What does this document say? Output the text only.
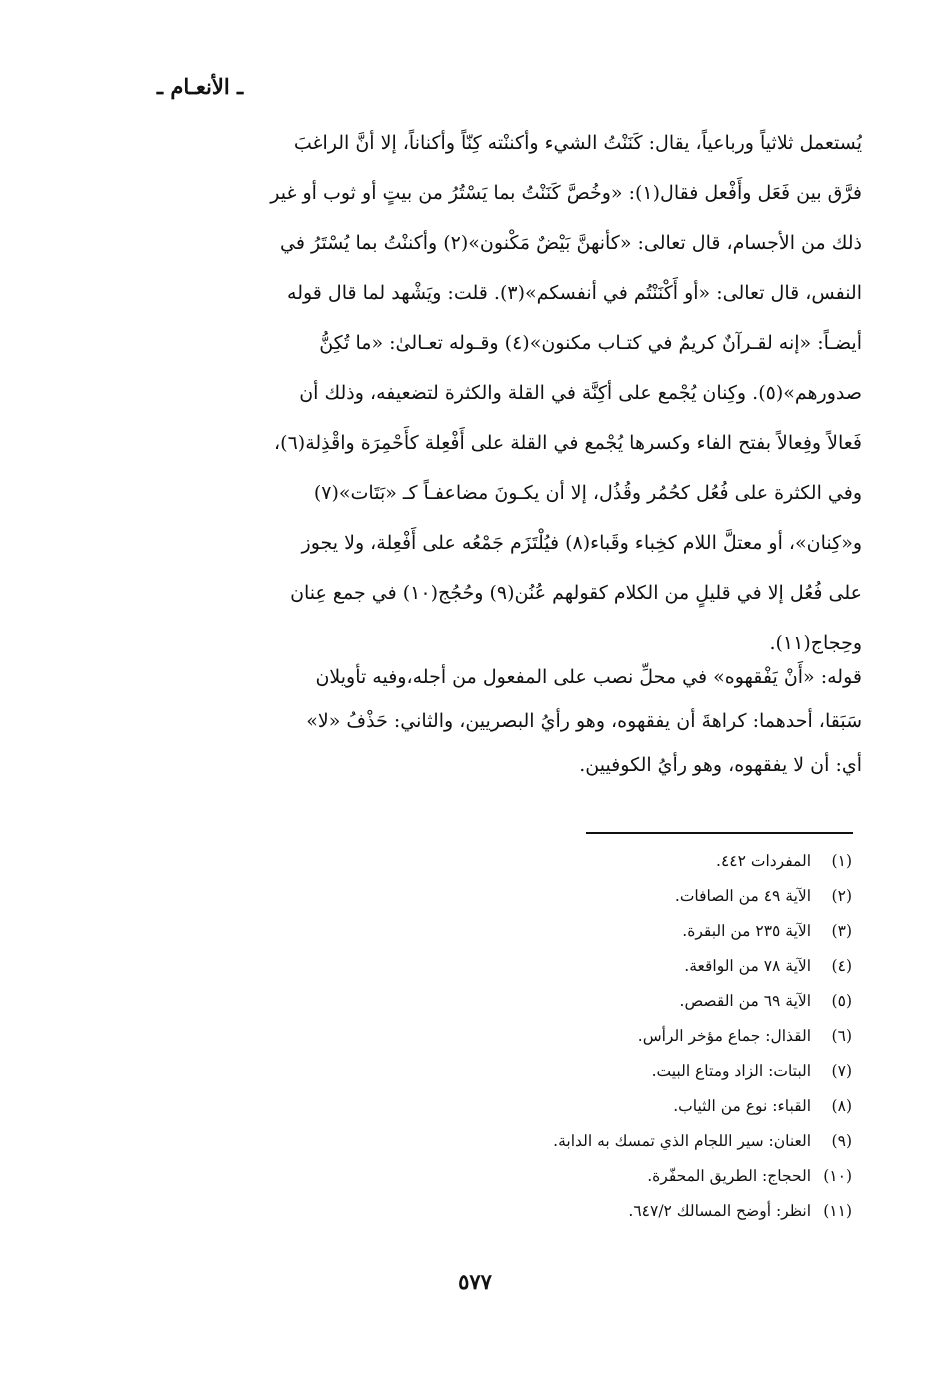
ـ الأنعـام ـ
يُستعمل ثلاثياً ورباعياً، يقال: كَنَنْتُ الشيء وأكننْته كِنّاً وأكناناً، إلا أنَّ الراغبَ
فرَّق بين فَعَل وأَفْعل فقال(١): «وخُصَّ كَنَنْتُ بما يَسْتُرُ من بيتٍ أو ثوب أو غير
ذلك من الأجسام، قال تعالى: «كأنهنَّ بَيْضٌ مَكْنون»(٢) وأكننْتُ بما يُسْتَرُ في
النفس، قال تعالى: «أو أَكْنَنْتُم في أنفسكم»(٣). قلت: ويَشْهد لما قال قوله
أيضـاً: «إنه لقـرآنٌ كريمٌ في كتـاب مكنون»(٤) وقـوله تعـالىٰ: «ما تُكِنُّ
صدورهم»(٥). وكِنان يُجْمع على أكِنَّة في القلة والكثرة لتضعيفه، وذلك أن
فَعالاً وفِعالاً بفتح الفاء وكسرها يُجْمع في القلة على أَفْعِلة كأَحْمِرَة واقْذِلة(٦)،
وفي الكثرة على فُعُل كحُمُر وقُذُل، إلا أن يكـونَ مضاعفـاً كـ «بَتَات»(٧)
و«كِنان»، أو معتلَّ اللام كخِباء وقَباء(٨) فيُلْتَزَم جَمْعُه على أَفْعِلة، ولا يجوز
على فُعُل إلا في قليلٍ من الكلام كقولهم عُنُن(٩) وحُجُج(١٠) في جمع عِنان
وحِجاج(١١).
قوله: «أَنْ يَفْقهوه» في محلِّ نصب على المفعول من أجله،وفيه تأويلان
سَبَقا، أحدهما: كراهةَ أن يفقهوه، وهو رأيُ البصريين، والثاني: حَذْفُ «لا»
أي: أن لا يفقهوه، وهو رأيُ الكوفيين.
(١) المفردات ٤٤٢.
(٢) الآية ٤٩ من الصافات.
(٣) الآية ٢٣٥ من البقرة.
(٤) الآية ٧٨ من الواقعة.
(٥) الآية ٦٩ من القصص.
(٦) القذال: جماع مؤخر الرأس.
(٧) البتات: الزاد ومتاع البيت.
(٨) القباء: نوع من الثياب.
(٩) العنان: سير اللجام الذي تمسك به الدابة.
(١٠) الحجاج: الطريق المحفّرة.
(١١) انظر: أوضح المسالك ٦٤٧/٢.
٥٧٧
